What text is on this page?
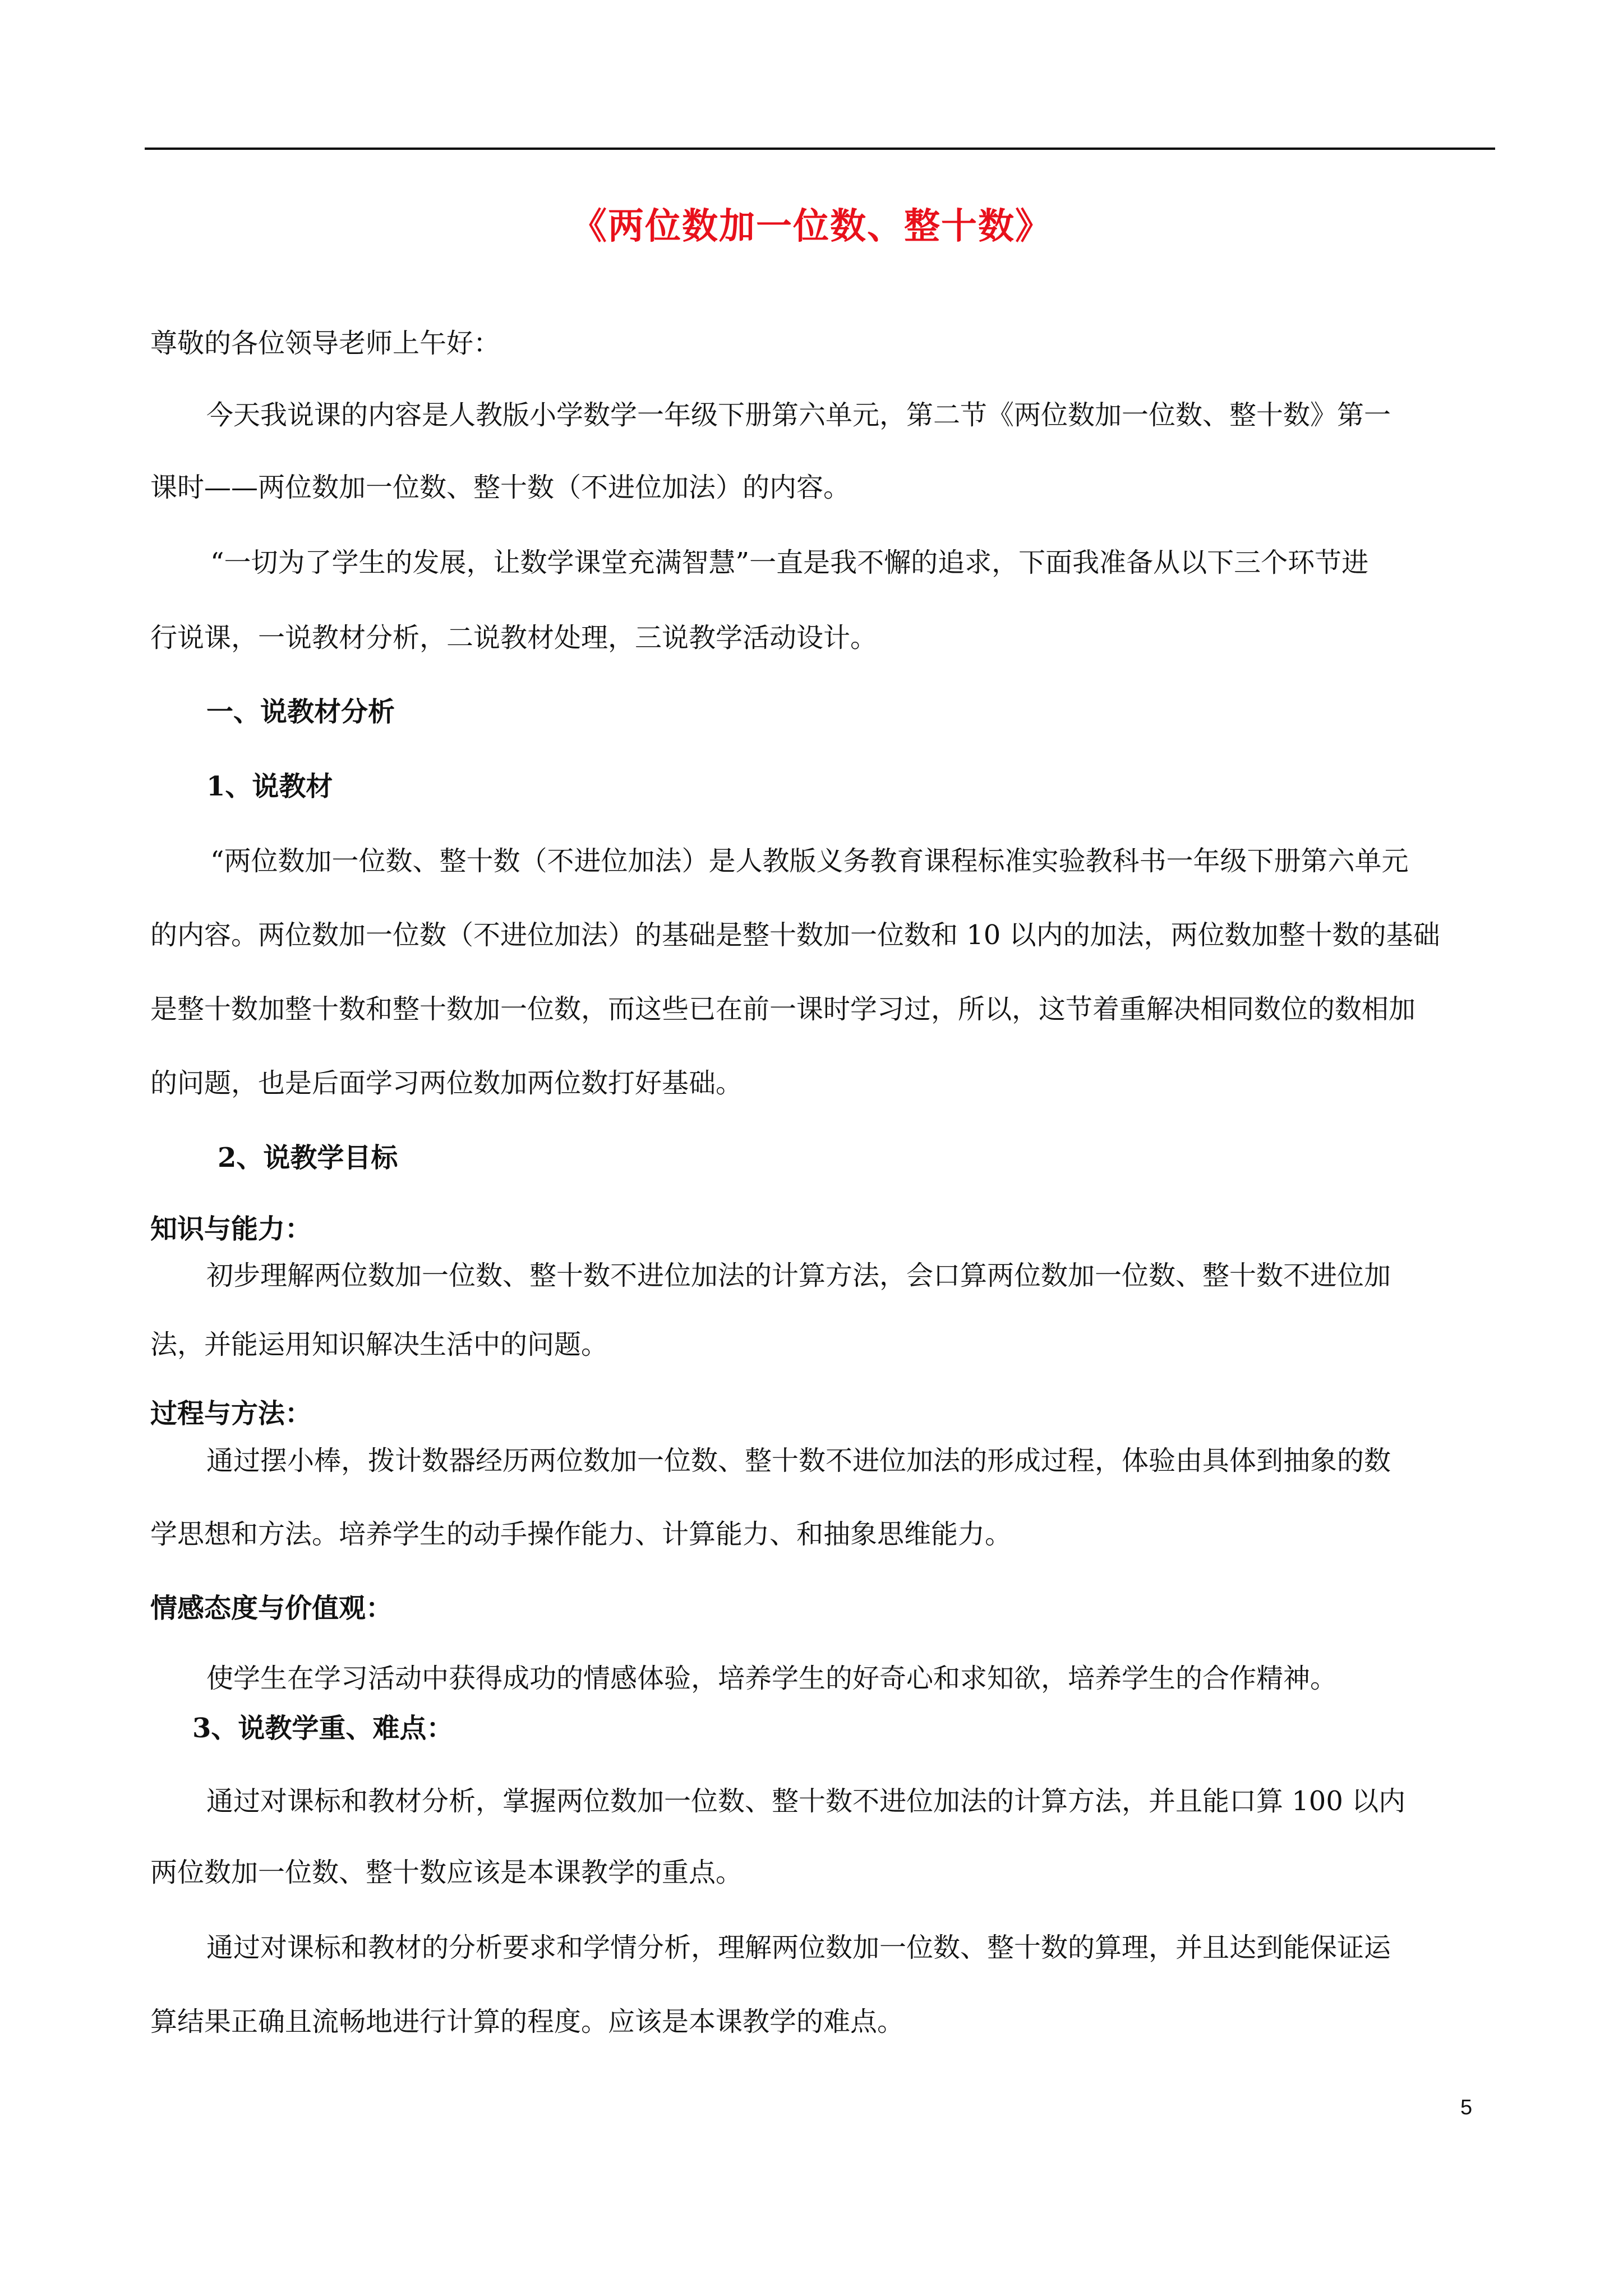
《两位数加一位数、整十数》
尊敬的各位领导老师上午好：
今天我说课的内容是人教版小学数学一年级下册第六单元，第二节《两位数加一位数、整十数》第一
课时——两位数加一位数、整十数（不进位加法）的内容。
“一切为了学生的发展，让数学课堂充满智慧”一直是我不懈的追求，下面我准备从以下三个环节进
行说课，一说教材分析，二说教材处理，三说教学活动设计。
一、说教材分析
1、说教材
“两位数加一位数、整十数（不进位加法）是人教版义务教育课程标准实验教科书一年级下册第六单元
的内容。两位数加一位数（不进位加法）的基础是整十数加一位数和 10 以内的加法，两位数加整十数的基础
是整十数加整十数和整十数加一位数，而这些已在前一课时学习过，所以，这节着重解决相同数位的数相加
的问题，也是后面学习两位数加两位数打好基础。
2、说教学目标
知识与能力：
初步理解两位数加一位数、整十数不进位加法的计算方法，会口算两位数加一位数、整十数不进位加
法，并能运用知识解决生活中的问题。
过程与方法：
通过摆小棒，拨计数器经历两位数加一位数、整十数不进位加法的形成过程，体验由具体到抽象的数
学思想和方法。培养学生的动手操作能力、计算能力、和抽象思维能力。
情感态度与价值观：
使学生在学习活动中获得成功的情感体验，培养学生的好奇心和求知欲，培养学生的合作精神。
3、说教学重、难点：
通过对课标和教材分析，掌握两位数加一位数、整十数不进位加法的计算方法，并且能口算 100 以内
两位数加一位数、整十数应该是本课教学的重点。
通过对课标和教材的分析要求和学情分析，理解两位数加一位数、整十数的算理，并且达到能保证运
算结果正确且流畅地进行计算的程度。应该是本课教学的难点。
5
